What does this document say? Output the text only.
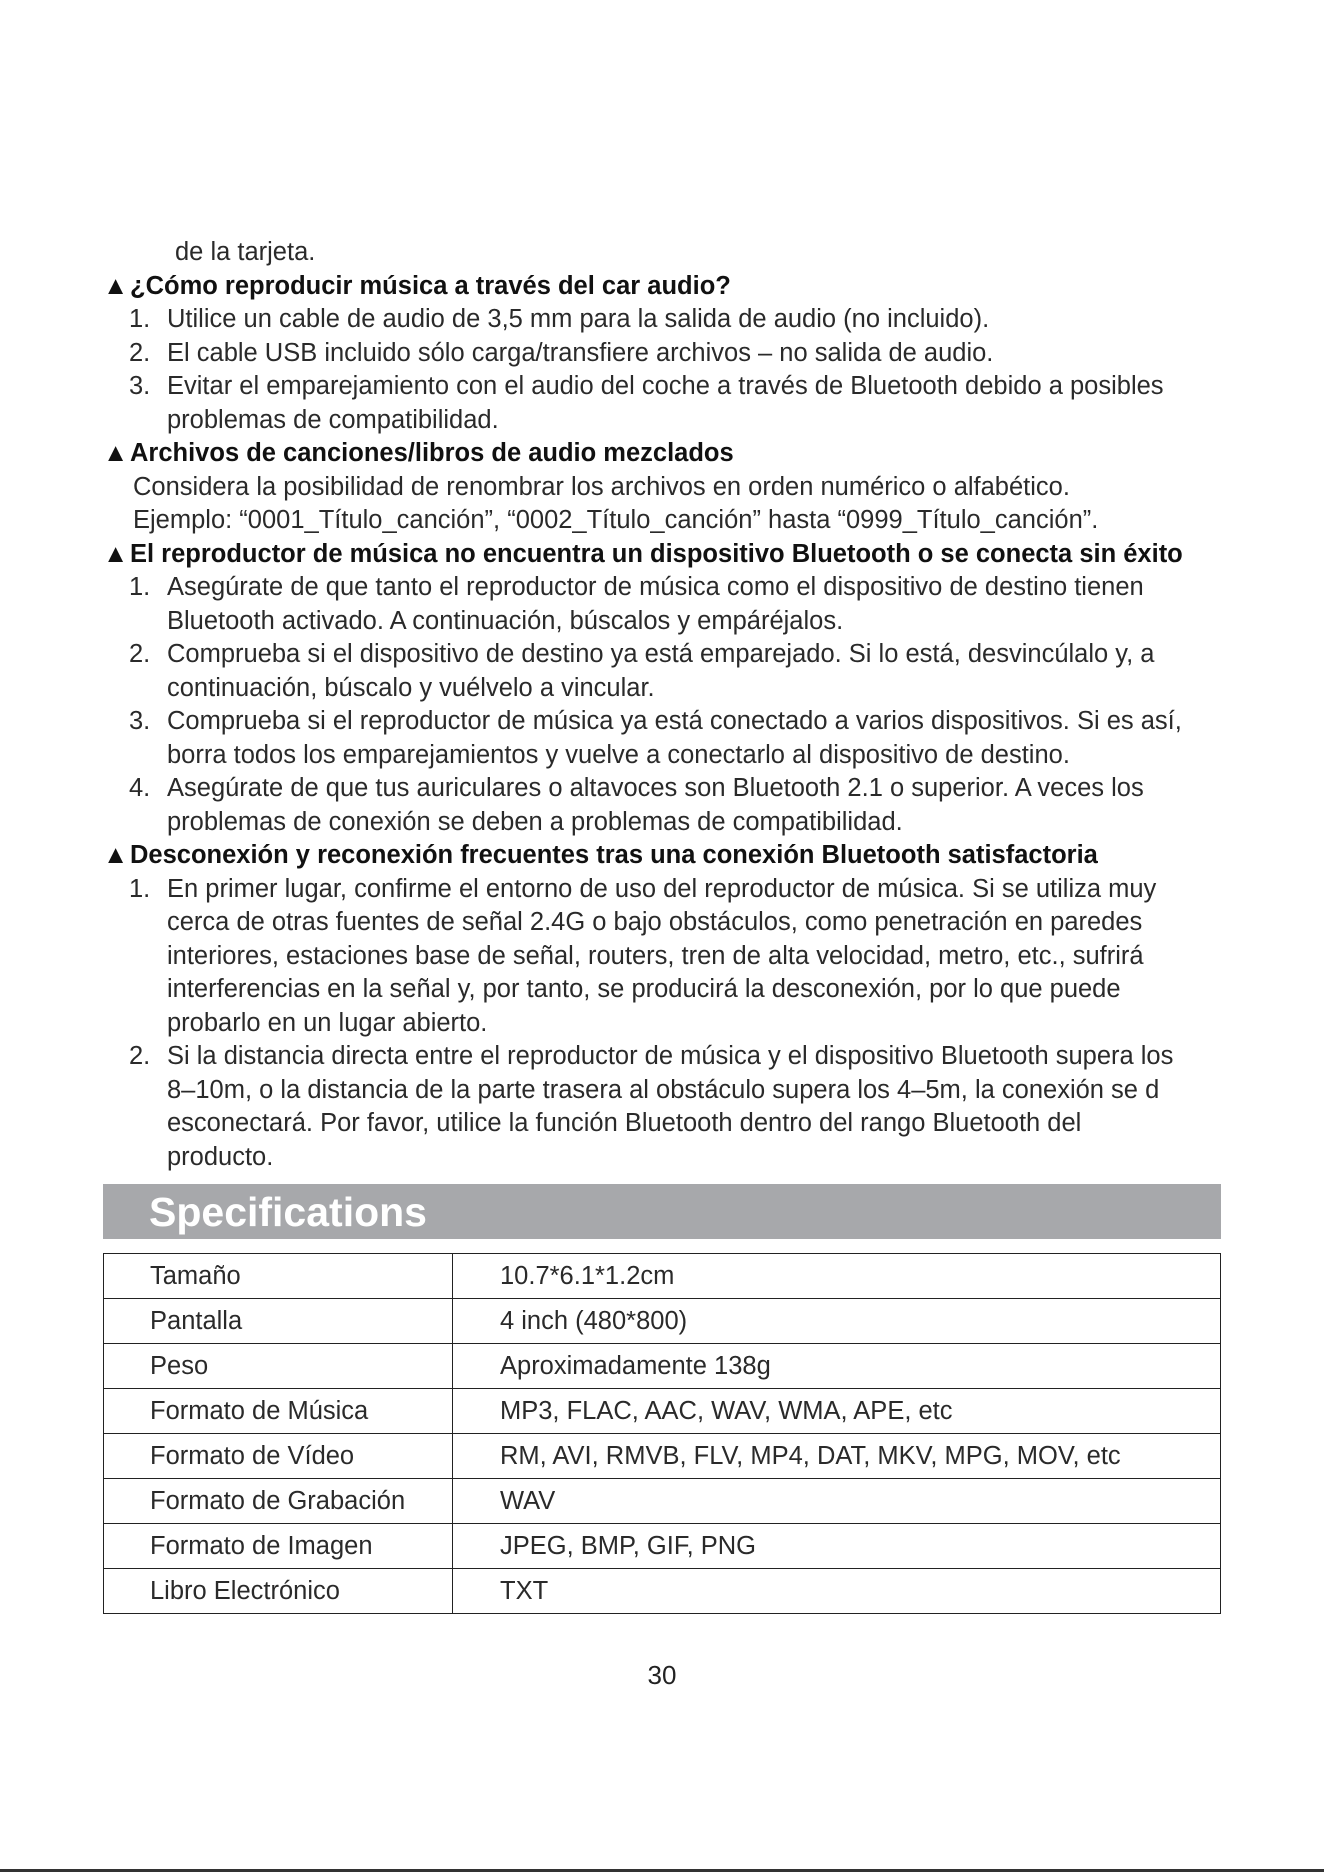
de la tarjeta.
▲¿Cómo reproducir música a través del car audio?
1. Utilice un cable de audio de 3,5 mm para la salida de audio (no incluido).
2. El cable USB incluido sólo carga/transfiere archivos – no salida de audio.
3. Evitar el emparejamiento con el audio del coche a través de Bluetooth debido a posibles
problemas de compatibilidad.
▲Archivos de canciones/libros de audio mezclados
Considera la posibilidad de renombrar los archivos en orden numérico o alfabético.
Ejemplo: “0001_Título_canción”, “0002_Título_canción” hasta “0999_Título_canción”.
▲El reproductor de música no encuentra un dispositivo Bluetooth o se conecta sin éxito
1. Asegúrate de que tanto el reproductor de música como el dispositivo de destino tienen
Bluetooth activado. A continuación, búscalos y empáréjalos.
2. Comprueba si el dispositivo de destino ya está emparejado. Si lo está, desvincúlalo y, a
continuación, búscalo y vuélvelo a vincular.
3. Comprueba si el reproductor de música ya está conectado a varios dispositivos. Si es así,
borra todos los emparejamientos y vuelve a conectarlo al dispositivo de destino.
4. Asegúrate de que tus auriculares o altavoces son Bluetooth 2.1 o superior. A veces los
problemas de conexión se deben a problemas de compatibilidad.
▲Desconexión y reconexión frecuentes tras una conexión Bluetooth satisfactoria
1. En primer lugar, confirme el entorno de uso del reproductor de música. Si se utiliza muy
cerca de otras fuentes de señal 2.4G o bajo obstáculos, como penetración en paredes
interiores, estaciones base de señal, routers, tren de alta velocidad, metro, etc., sufrirá
interferencias en la señal y, por tanto, se producirá la desconexión, por lo que puede
probarlo en un lugar abierto.
2. Si la distancia directa entre el reproductor de música y el dispositivo Bluetooth supera los
8–10m, o la distancia de la parte trasera al obstáculo supera los 4–5m, la conexión se d
esconectará. Por favor, utilice la función Bluetooth dentro del rango Bluetooth del
producto.
Specifications
Tamaño	10.7*6.1*1.2cm
Pantalla	4 inch (480*800)
Peso	Aproximadamente 138g
Formato de Música	MP3, FLAC, AAC, WAV, WMA, APE, etc
Formato de Vídeo	RM, AVI, RMVB, FLV, MP4, DAT, MKV, MPG, MOV, etc
Formato de Grabación	WAV
Formato de Imagen	JPEG, BMP, GIF, PNG
Libro Electrónico	TXT
30
